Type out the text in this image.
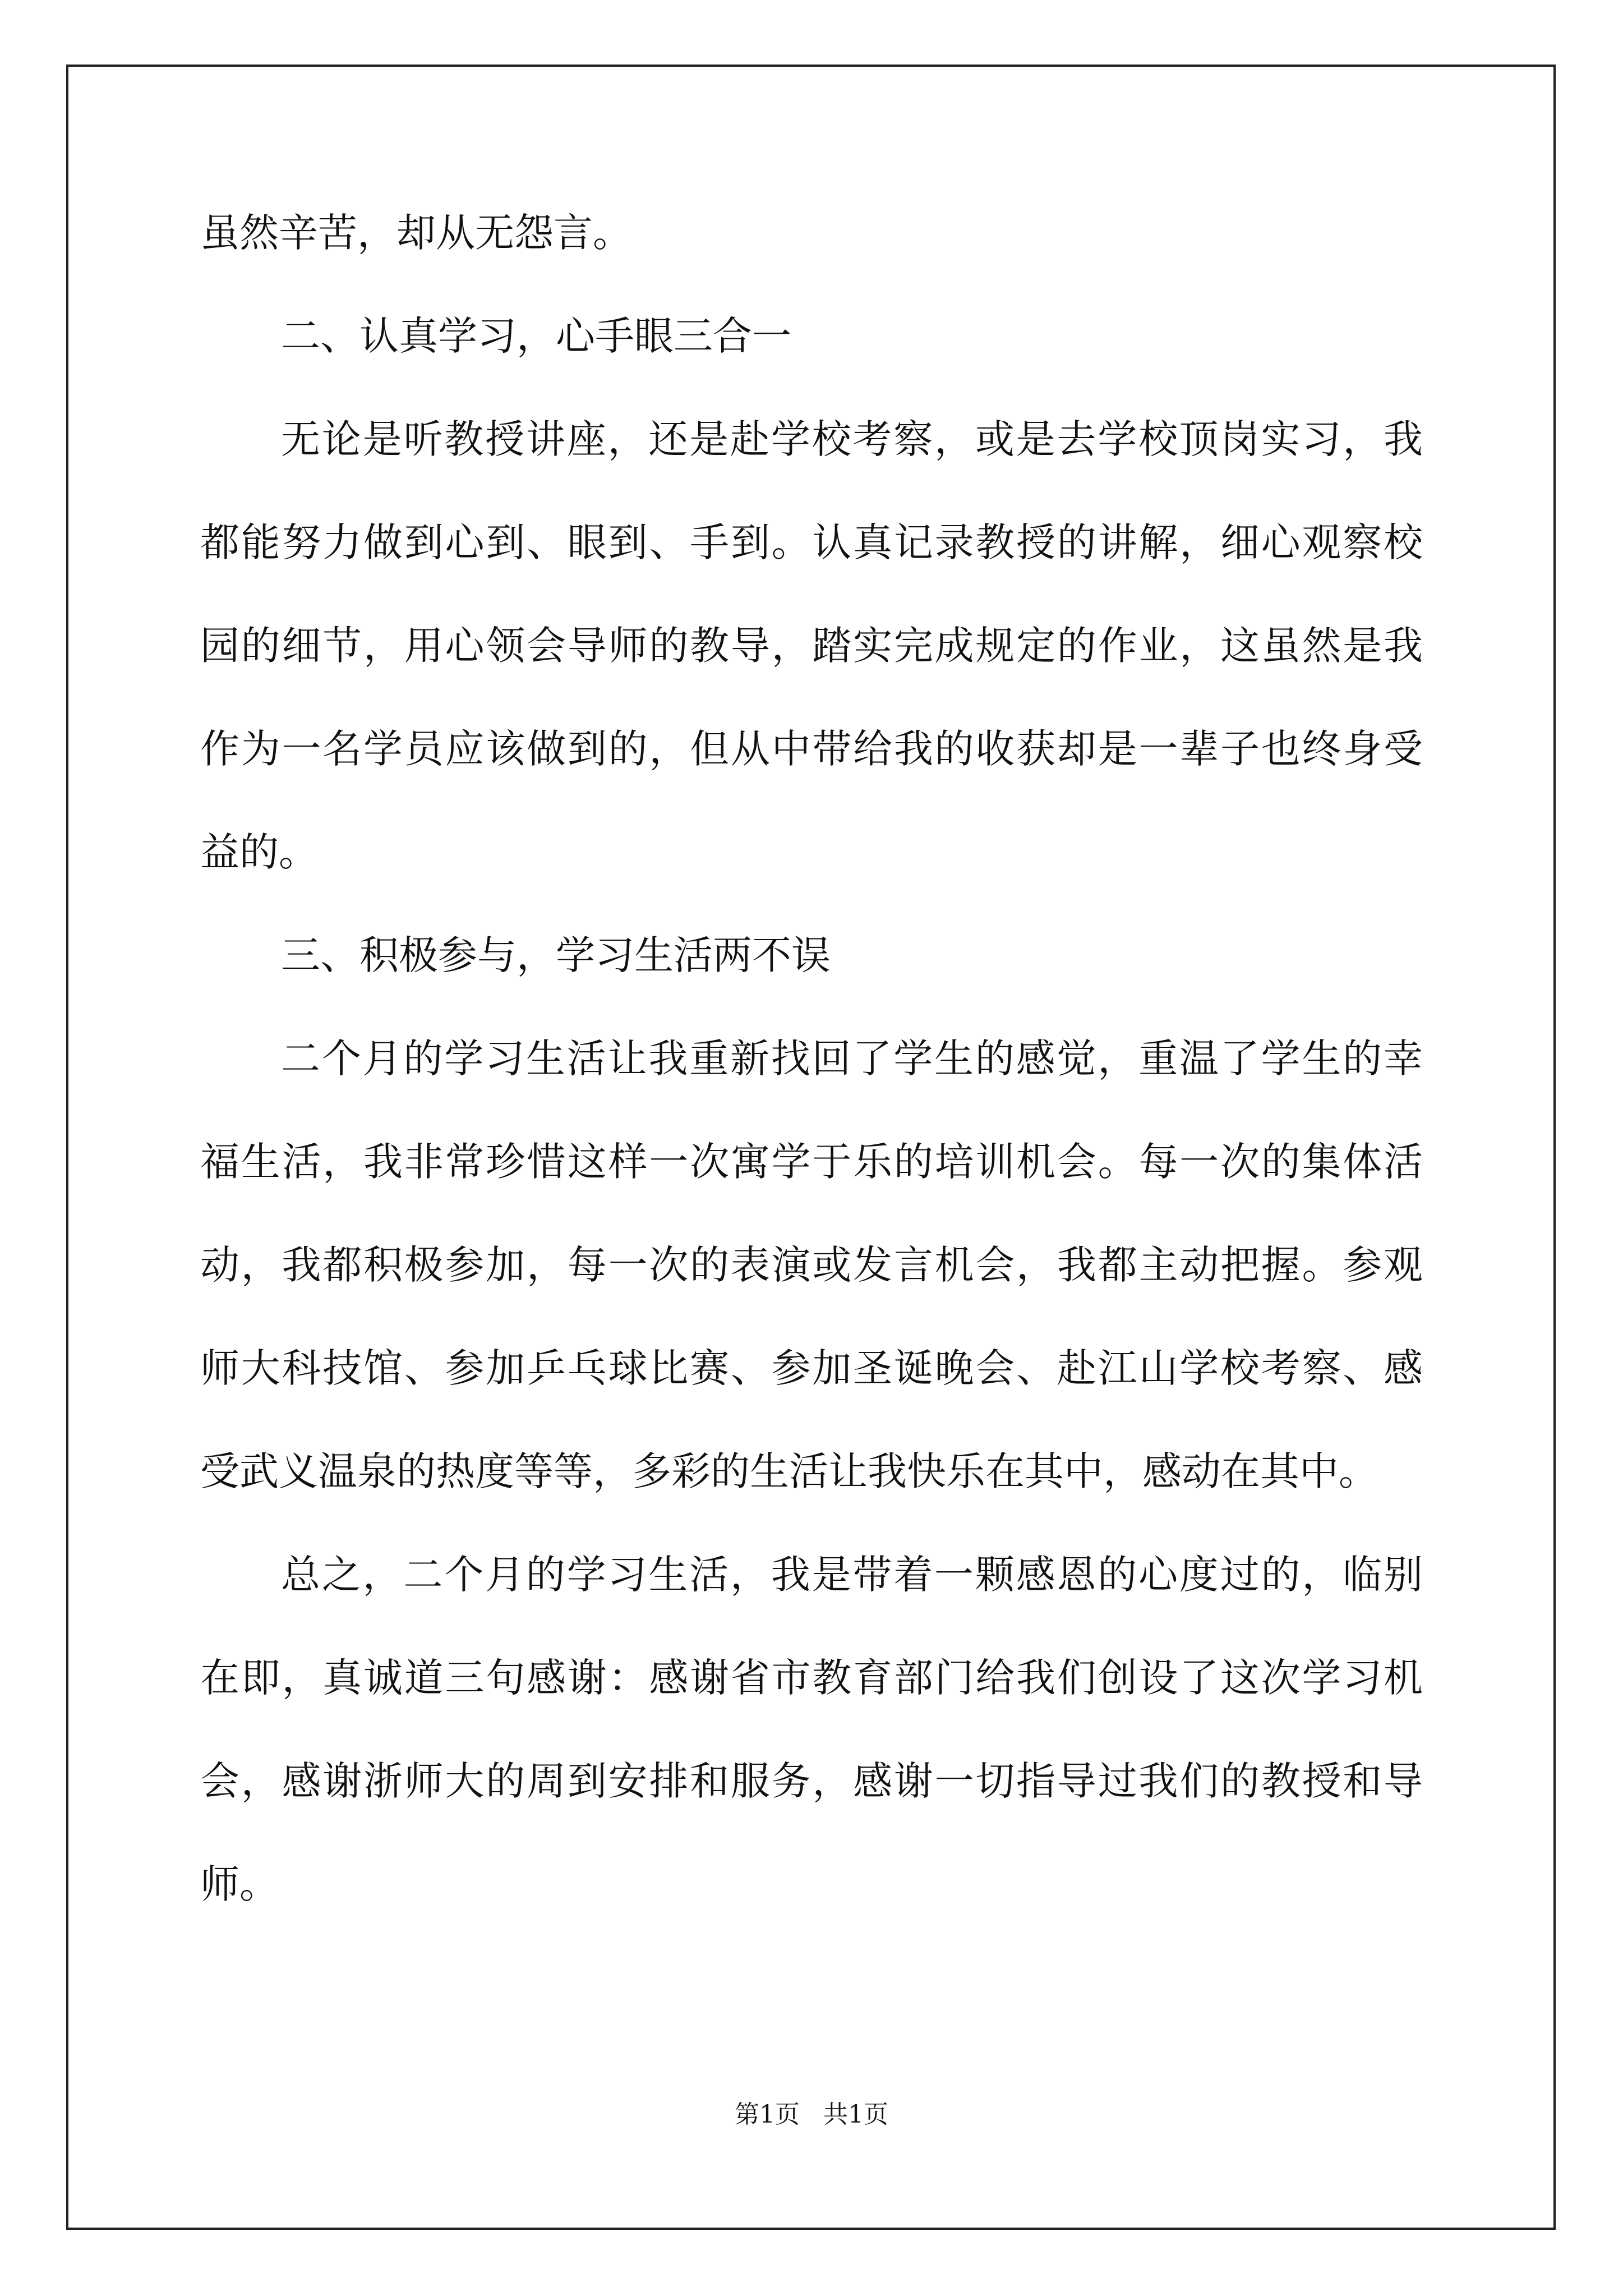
虽然辛苦，却从无怨言。
二、认真学习，心手眼三合一
无论是听教授讲座，还是赴学校考察，或是去学校顶岗实习，我
都能努力做到心到、眼到、手到。认真记录教授的讲解，细心观察校
园的细节，用心领会导师的教导，踏实完成规定的作业，这虽然是我
作为一名学员应该做到的，但从中带给我的收获却是一辈子也终身受
益的。
三、积极参与，学习生活两不误
二个月的学习生活让我重新找回了学生的感觉，重温了学生的幸
福生活，我非常珍惜这样一次寓学于乐的培训机会。每一次的集体活
动，我都积极参加，每一次的表演或发言机会，我都主动把握。参观
师大科技馆、参加乒乓球比赛、参加圣诞晚会、赴江山学校考察、感
受武义温泉的热度等等，多彩的生活让我快乐在其中，感动在其中。
总之，二个月的学习生活，我是带着一颗感恩的心度过的，临别
在即，真诚道三句感谢：感谢省市教育部门给我们创设了这次学习机
会，感谢浙师大的周到安排和服务，感谢一切指导过我们的教授和导
师。
第1页 共1页
